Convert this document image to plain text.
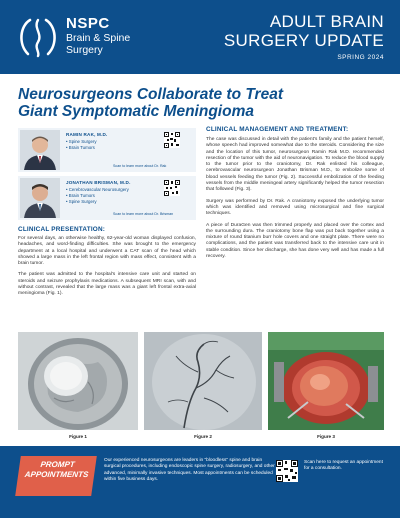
NSPC
Brain & Spine
Surgery
ADULT BRAIN
SURGERY UPDATE
SPRING 2024
Neurosurgeons Collaborate to Treat
Giant Symptomatic Meningioma
RAMIN RAK, M.D.
• Spine Surgery
• Brain Tumors
Scan to learn more about Dr. Rak
JONATHAN BRISMAN, M.D.
• Cerebrovascular Neurosurgery
• Brain Tumors
• Spine Surgery
Scan to learn more about Dr. Brisman
CLINICAL PRESENTATION:

For several days, an otherwise healthy, 62-year-old woman displayed confusion, headaches, and word-finding difficulties. She was brought to the emergency department at a local hospital and underwent a CAT scan of the head which showed a large mass in the left frontal region with mass effect, consistent with a brain tumor.

The patient was admitted to the hospital's intensive care unit and started on steroids and seizure prophylaxis medications. A subsequent MRI scan, with and without contrast, revealed that the large mass was a giant left frontal extra-axial meningioma (Fig. 1).

CLINICAL MANAGEMENT AND TREATMENT:

The case was discussed in detail with the patient's family and the patient herself, whose speech had improved somewhat due to the steroids. Considering the size and the location of this tumor, neurosurgeon Ramin Rak M.D. recommended resection of the tumor with the aid of neuronavigation. To reduce the blood supply to the tumor prior to the craniotomy, Dr. Rak enlisted his colleague, cerebrovascular neurosurgeon Jonathan Brisman M.D., to embolize some of blood vessels feeding the tumor (Fig. 2). Successful embolization of the feeding vessels from the middle meningeal artery significantly helped the tumor resection that followed (Fig. 3).

Surgery was performed by Dr. Rak. A craniotomy exposed the underlying tumor which was identified and removed using microsurgical and fine surgical techniques.

A piece of DuraGen was then trimmed properly and placed over the cortex and the surrounding dura. The craniotomy bone flap was put back together using a mixture of round titanium burr hole covers and one straight plate. There were no complications, and the patient was transferred back to the intensive care unit in stable condition. Since her discharge, she has done very well and has made a full recovery.

Figure 1	Figure 2	Figure 3
PROMPT
APPOINTMENTS
Our experienced neurosurgeons are leaders in “bloodless” spine and brain surgical procedures, including endoscopic spine surgery, radiosurgery, and other advanced, minimally invasive techniques. Most appointments can be scheduled within five business days.
Scan here to request an appointment for a consultation.
